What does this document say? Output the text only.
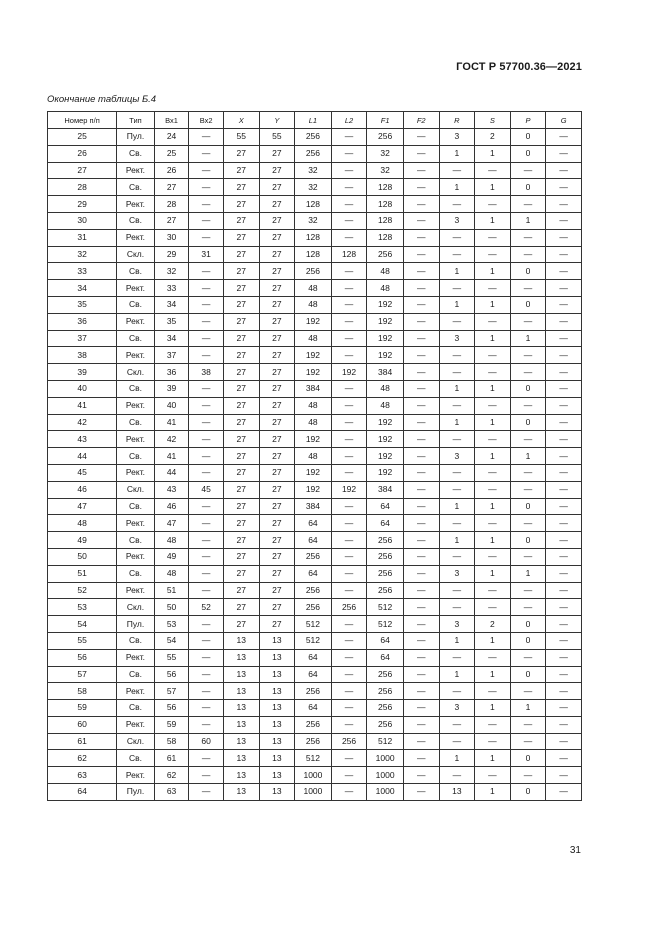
ГОСТ Р 57700.36—2021
Окончание таблицы Б.4
Номер п/п	Тип	Вх1	Вх2	X	Y	L1	L2	F1	F2	R	S	P	G
25	Пул.	24	—	55	55	256	—	256	—	3	2	0	—
26	Св.	25	—	27	27	256	—	32	—	1	1	0	—
27	Рект.	26	—	27	27	32	—	32	—	—	—	—	—
28	Св.	27	—	27	27	32	—	128	—	1	1	0	—
29	Рект.	28	—	27	27	128	—	128	—	—	—	—	—
30	Св.	27	—	27	27	32	—	128	—	3	1	1	—
31	Рект.	30	—	27	27	128	—	128	—	—	—	—	—
32	Скл.	29	31	27	27	128	128	256	—	—	—	—	—
33	Св.	32	—	27	27	256	—	48	—	1	1	0	—
34	Рект.	33	—	27	27	48	—	48	—	—	—	—	—
35	Св.	34	—	27	27	48	—	192	—	1	1	0	—
36	Рект.	35	—	27	27	192	—	192	—	—	—	—	—
37	Св.	34	—	27	27	48	—	192	—	3	1	1	—
38	Рект.	37	—	27	27	192	—	192	—	—	—	—	—
39	Скл.	36	38	27	27	192	192	384	—	—	—	—	—
40	Св.	39	—	27	27	384	—	48	—	1	1	0	—
41	Рект.	40	—	27	27	48	—	48	—	—	—	—	—
42	Св.	41	—	27	27	48	—	192	—	1	1	0	—
43	Рект.	42	—	27	27	192	—	192	—	—	—	—	—
44	Св.	41	—	27	27	48	—	192	—	3	1	1	—
45	Рект.	44	—	27	27	192	—	192	—	—	—	—	—
46	Скл.	43	45	27	27	192	192	384	—	—	—	—	—
47	Св.	46	—	27	27	384	—	64	—	1	1	0	—
48	Рект.	47	—	27	27	64	—	64	—	—	—	—	—
49	Св.	48	—	27	27	64	—	256	—	1	1	0	—
50	Рект.	49	—	27	27	256	—	256	—	—	—	—	—
51	Св.	48	—	27	27	64	—	256	—	3	1	1	—
52	Рект.	51	—	27	27	256	—	256	—	—	—	—	—
53	Скл.	50	52	27	27	256	256	512	—	—	—	—	—
54	Пул.	53	—	27	27	512	—	512	—	3	2	0	—
55	Св.	54	—	13	13	512	—	64	—	1	1	0	—
56	Рект.	55	—	13	13	64	—	64	—	—	—	—	—
57	Св.	56	—	13	13	64	—	256	—	1	1	0	—
58	Рект.	57	—	13	13	256	—	256	—	—	—	—	—
59	Св.	56	—	13	13	64	—	256	—	3	1	1	—
60	Рект.	59	—	13	13	256	—	256	—	—	—	—	—
61	Скл.	58	60	13	13	256	256	512	—	—	—	—	—
62	Св.	61	—	13	13	512	—	1000	—	1	1	0	—
63	Рект.	62	—	13	13	1000	—	1000	—	—	—	—	—
64	Пул.	63	—	13	13	1000	—	1000	—	13	1	0	—
31
